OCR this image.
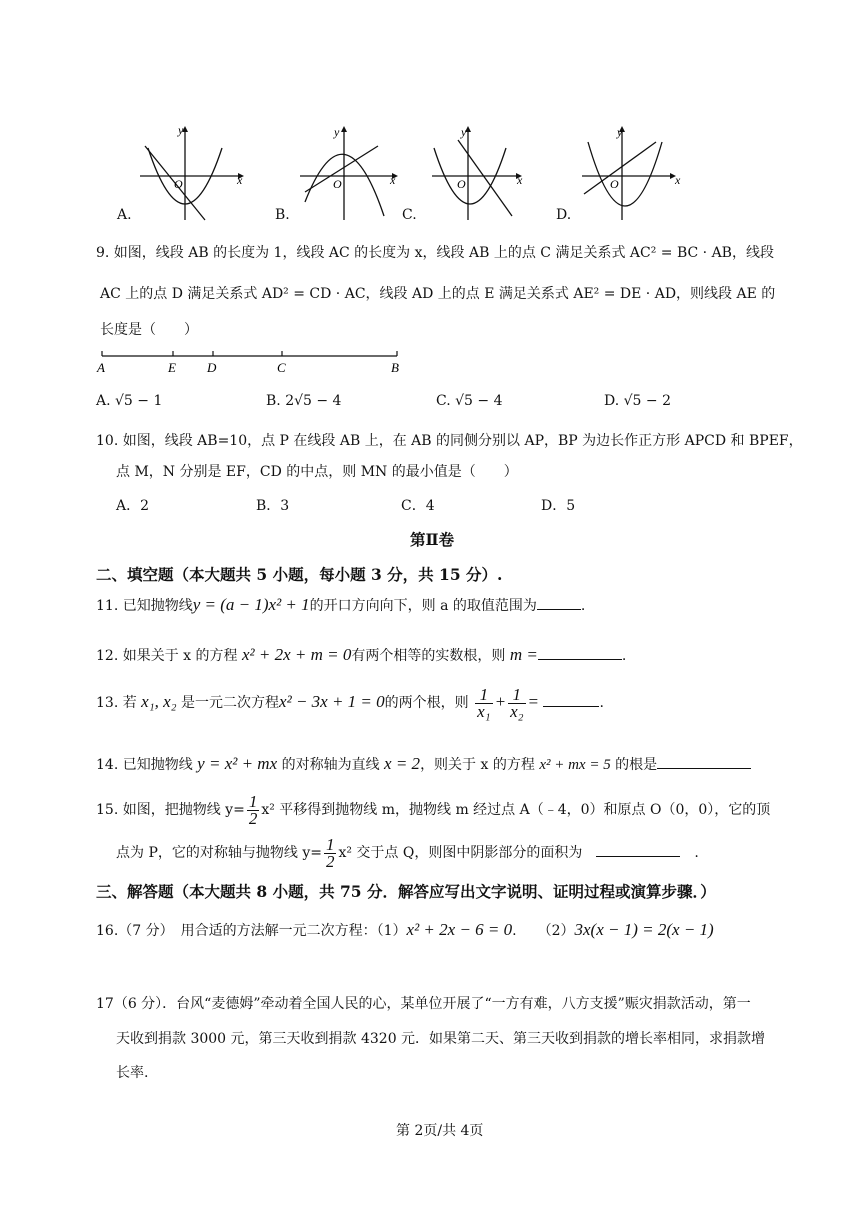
y
x
O
y
x
O
y
x
O
y
x
O
A.	B.	C.	D.
9. 如图，线段 AB 的长度为 1，线段 AC 的长度为 x，线段 AB 上的点 C 满足关系式 AC² = BC · AB，线段
AC 上的点 D 满足关系式 AD² = CD · AC，线段 AD 上的点 E 满足关系式 AE² = DE · AD，则线段 AE 的
长度是（　　）
A	E D	C	B
A. √5 − 1	B. 2√5 − 4	C. √5 − 4	D. √5 − 2
10. 如图，线段 AB=10，点 P 在线段 AB 上，在 AB 的同侧分别以 AP，BP 为边长作正方形 APCD 和 BPEF，
点 M，N 分别是 EF，CD 的中点，则 MN 的最小值是（　　）
A．2	B．3	C．4	D．5
第Ⅱ卷
二、填空题（本大题共 5 小题，每小题 3 分，共 15 分）.
11. 已知抛物线y = (a − 1)x² + 1的开口方向向下，则 a 的取值范围为	.
12. 如果关于 x 的方程 x² + 2x + m = 0有两个相等的实数根，则 m =	.
13. 若 x₁, x₂ 是一元二次方程x² − 3x + 1 = 0的两个根，则 $\frac{1}{\text{x₁}} + \frac{1}{\text{x₂}}$ =	.
14. 已知抛物线 y = x² + mx 的对称轴为直线 x = 2，则关于 x 的方程 x² + mx = 5 的根是
15. 如图，把抛物线 $y= \frac{1}{2} x^2$ 平移得到抛物线 m，抛物线 m 经过点 A（﹣4，0）和原点 O（0，0），它的顶
点为 P，它的对称轴与抛物线 $y= \frac{1}{2} x^2$ 交于点 Q，则图中阴影部分的面积为　　	.
三、解答题（本大题共 8 小题，共 75 分．解答应写出文字说明、证明过程或演算步骤．）
16.（7 分）　用合适的方法解一元二次方程：（1）x² + 2x − 6 = 0.　　（2）3x(x − 1) = 2(x − 1)
17（6 分）．台风“麦德姆”牵动着全国人民的心，某单位开展了“一方有难，八方支援”赈灾捐款活动，第一
天收到捐款 3000 元，第三天收到捐款 4320 元．如果第二天、第三天收到捐款的增长率相同，求捐款增
长率.
第 2页/共 4页
